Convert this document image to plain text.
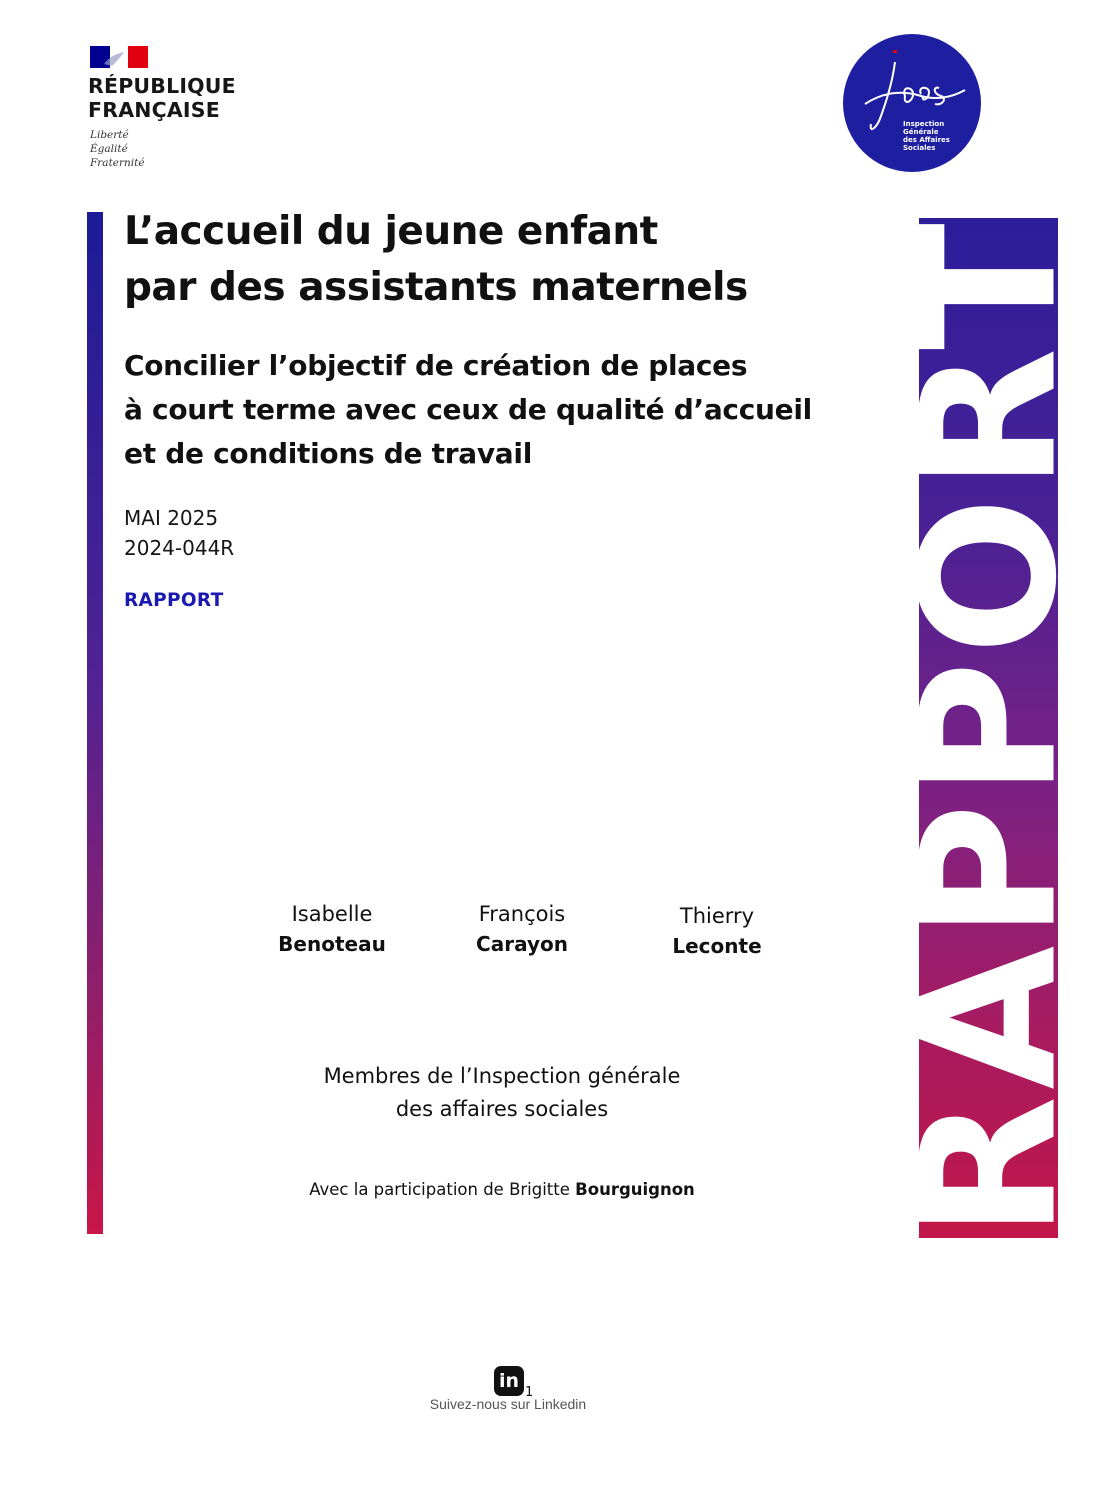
RÉPUBLIQUE
FRANÇAISE
Liberté
Égalité
Fraternité
Inspection
Générale
des Affaires
Sociales
L’accueil du jeune enfant
par des assistants maternels
Concilier l’objectif de création de places
à court terme avec ceux de qualité d’accueil
et de conditions de travail
MAI 2025
2024-044R
RAPPORT
Isabelle
Benoteau
François
Carayon
Thierry
Leconte
Membres de l’Inspection générale
des affaires sociales
Avec la participation de Brigitte Bourguignon RAPPORT
in
1
Suivez-nous sur Linkedin
